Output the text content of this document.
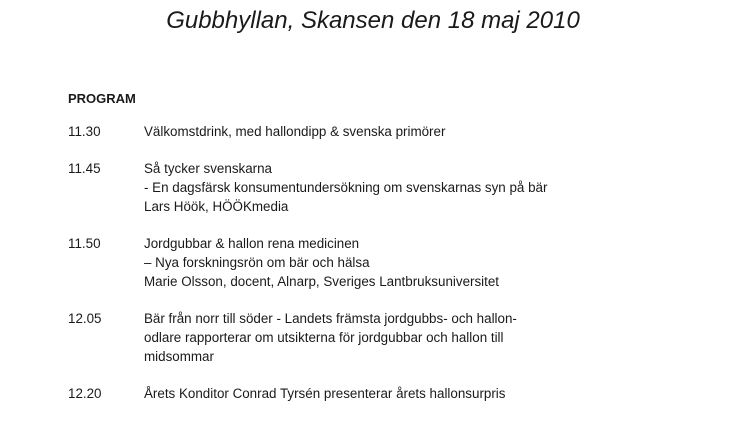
Gubbhyllan, Skansen den 18 maj 2010
PROGRAM
11.30	Välkomstdrink, med hallondipp & svenska primörer
11.45	Så tycker svenskarna
- En dagsfärsk konsumentundersökning om svenskarnas syn på bär
Lars Höök, HÖÖKmedia
11.50	Jordgubbar & hallon rena medicinen
– Nya forskningsrön om bär och hälsa
Marie Olsson, docent, Alnarp, Sveriges Lantbruksuniversitet
12.05	Bär från norr till söder - Landets främsta jordgubbs- och hallon-
odlare rapporterar om utsikterna för jordgubbar och hallon till
midsommar
12.20	Årets Konditor Conrad Tyrsén presenterar årets hallonsurpris
